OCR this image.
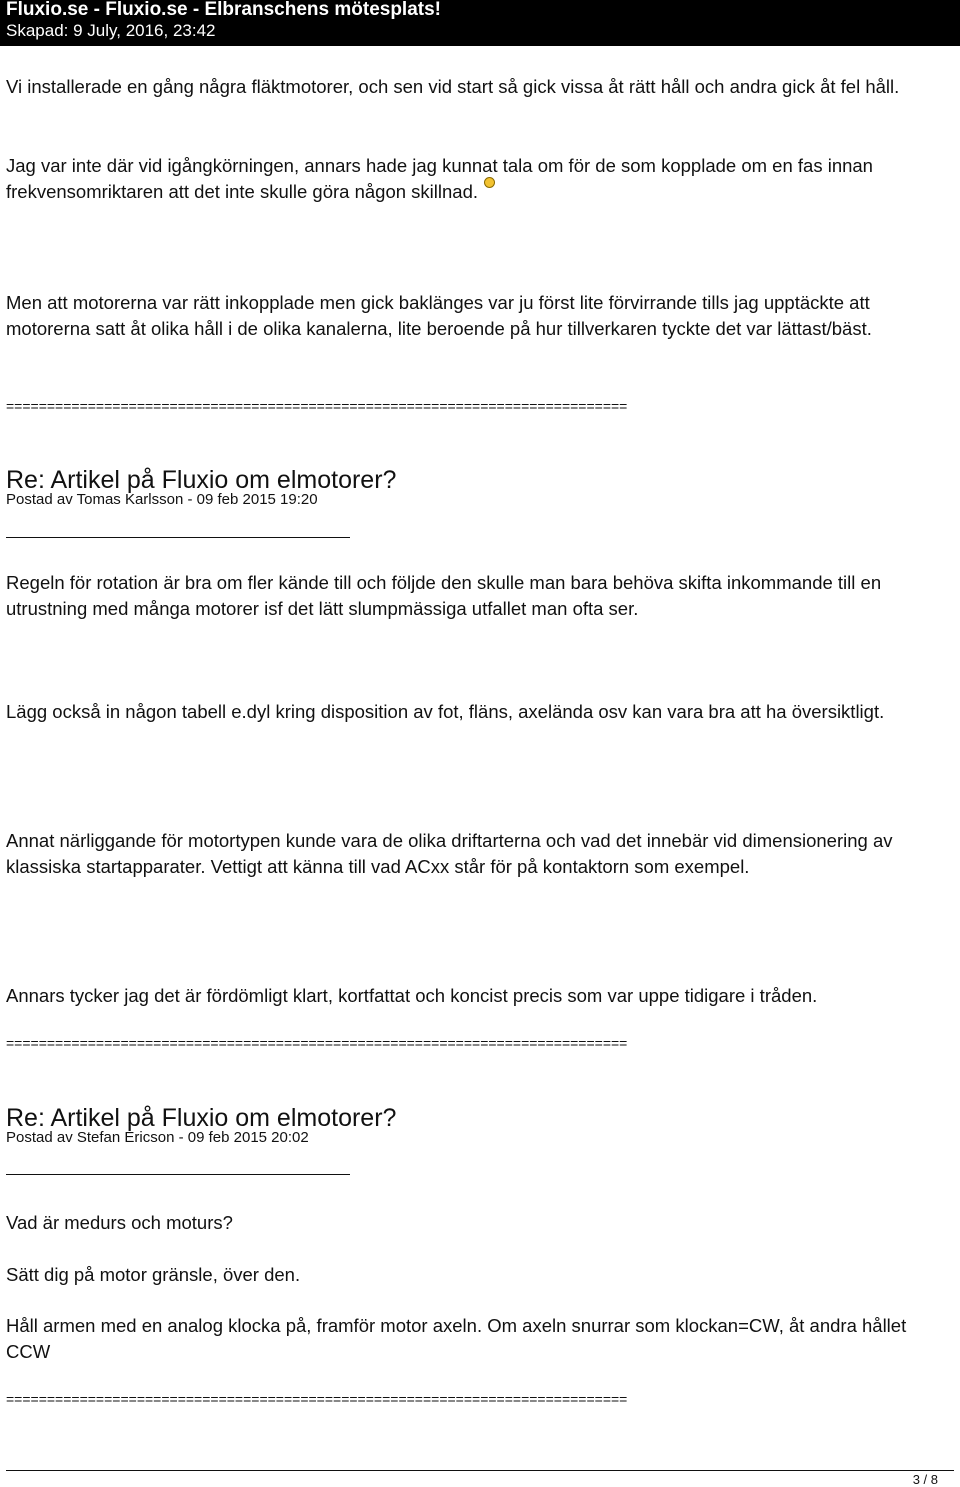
Fluxio.se - Fluxio.se - Elbranschens mötesplats!
Skapad: 9 July, 2016, 23:42

Vi installerade en gång några fläktmotorer, och sen vid start så gick vissa åt rätt håll och andra gick åt fel håll.

Jag var inte där vid igångkörningen, annars hade jag kunnat tala om för de som kopplade om en fas innan frekvensomriktaren att det inte skulle göra någon skillnad.

Men att motorerna var rätt inkopplade men gick baklänges var ju först lite förvirrande tills jag upptäckte att motorerna satt åt olika håll i de olika kanalerna, lite beroende på hur tillverkaren tyckte det var lättast/bäst.

============================================================================
Re: Artikel på Fluxio om elmotorer?
Postad av Tomas Karlsson - 09 feb 2015 19:20

Regeln för rotation är bra om fler kände till och följde den skulle man bara behöva skifta inkommande till en utrustning med många motorer isf det lätt slumpmässiga utfallet man ofta ser.

Lägg också in någon tabell e.dyl kring disposition av fot, fläns, axelända osv kan vara bra att ha översiktligt.

Annat närliggande för motortypen kunde vara de olika driftarterna och vad det innebär vid dimensionering av klassiska startapparater. Vettigt att känna till vad ACxx står för på kontaktorn som exempel.

Annars tycker jag det är fördömligt klart, kortfattat och koncist precis som var uppe tidigare i tråden.

============================================================================
Re: Artikel på Fluxio om elmotorer?
Postad av Stefan Ericson - 09 feb 2015 20:02

Vad är medurs och moturs?

Sätt dig på motor gränsle, över den.

Håll armen med en analog klocka på, framför motor axeln. Om axeln snurrar som klockan=CW, åt andra hållet CCW

============================================================================
3 / 8
